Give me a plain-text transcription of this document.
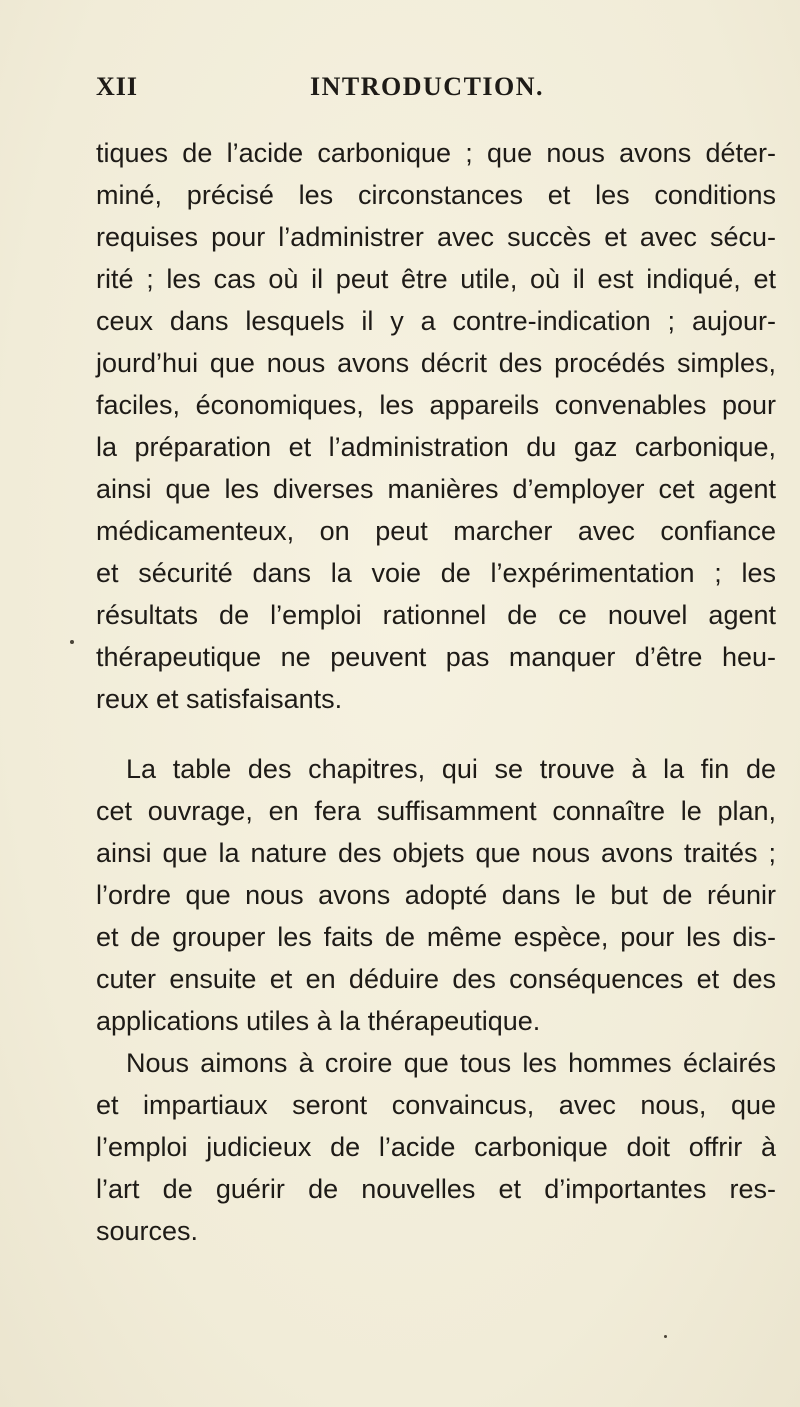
XII	INTRODUCTION.
tiques de l’acide carbonique ; que nous avons déter-
miné, précisé les circonstances et les conditions
requises pour l’administrer avec succès et avec sécu-
rité ; les cas où il peut être utile, où il est indiqué, et
ceux dans lesquels il y a contre-indication ; aujour-
jourd’hui que nous avons décrit des procédés simples,
faciles, économiques, les appareils convenables pour
la préparation et l’administration du gaz carbonique,
ainsi que les diverses manières d’employer cet agent
médicamenteux, on peut marcher avec confiance
et sécurité dans la voie de l’expérimentation ; les
résultats de l’emploi rationnel de ce nouvel agent
thérapeutique ne peuvent pas manquer d’être heu-
reux et satisfaisants.
La table des chapitres, qui se trouve à la fin de
cet ouvrage, en fera suffisamment connaître le plan,
ainsi que la nature des objets que nous avons traités ;
l’ordre que nous avons adopté dans le but de réunir
et de grouper les faits de même espèce, pour les dis-
cuter ensuite et en déduire des conséquences et des
applications utiles à la thérapeutique.
Nous aimons à croire que tous les hommes éclairés
et impartiaux seront convaincus, avec nous, que
l’emploi judicieux de l’acide carbonique doit offrir à
l’art de guérir de nouvelles et d’importantes res-
sources.
